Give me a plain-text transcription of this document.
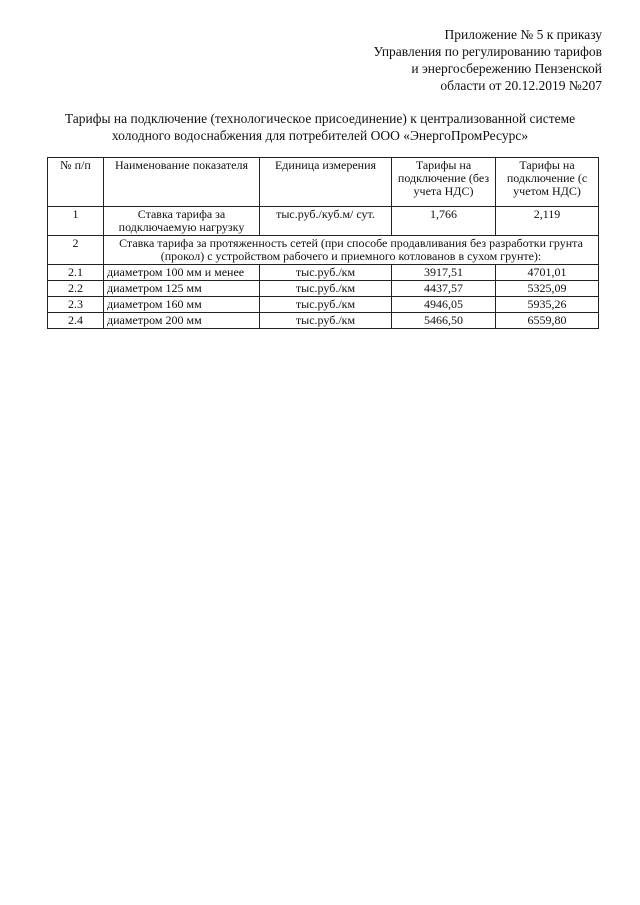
Приложение № 5 к приказу
Управления по регулированию тарифов
и энергосбережению Пензенской
области от 20.12.2019 №207
Тарифы на подключение (технологическое присоединение) к централизованной системе
холодного водоснабжения для потребителей ООО «ЭнергоПромРесурс»
№ п/п	Наименование показателя	Единица измерения	Тарифы на подключение (без учета НДС)	Тарифы на подключение (с учетом НДС)
1	Ставка тарифа за подключаемую нагрузку	тыс.руб./куб.м/ сут.	1,766	2,119
2	Ставка тарифа за протяженность сетей (при способе продавливания без разработки грунта (прокол) с устройством рабочего и приемного котлованов в сухом грунте):			
2.1	диаметром 100 мм и менее	тыс.руб./км	3917,51	4701,01
2.2	диаметром 125 мм	тыс.руб./км	4437,57	5325,09
2.3	диаметром 160 мм	тыс.руб./км	4946,05	5935,26
2.4	диаметром 200 мм	тыс.руб./км	5466,50	6559,80
